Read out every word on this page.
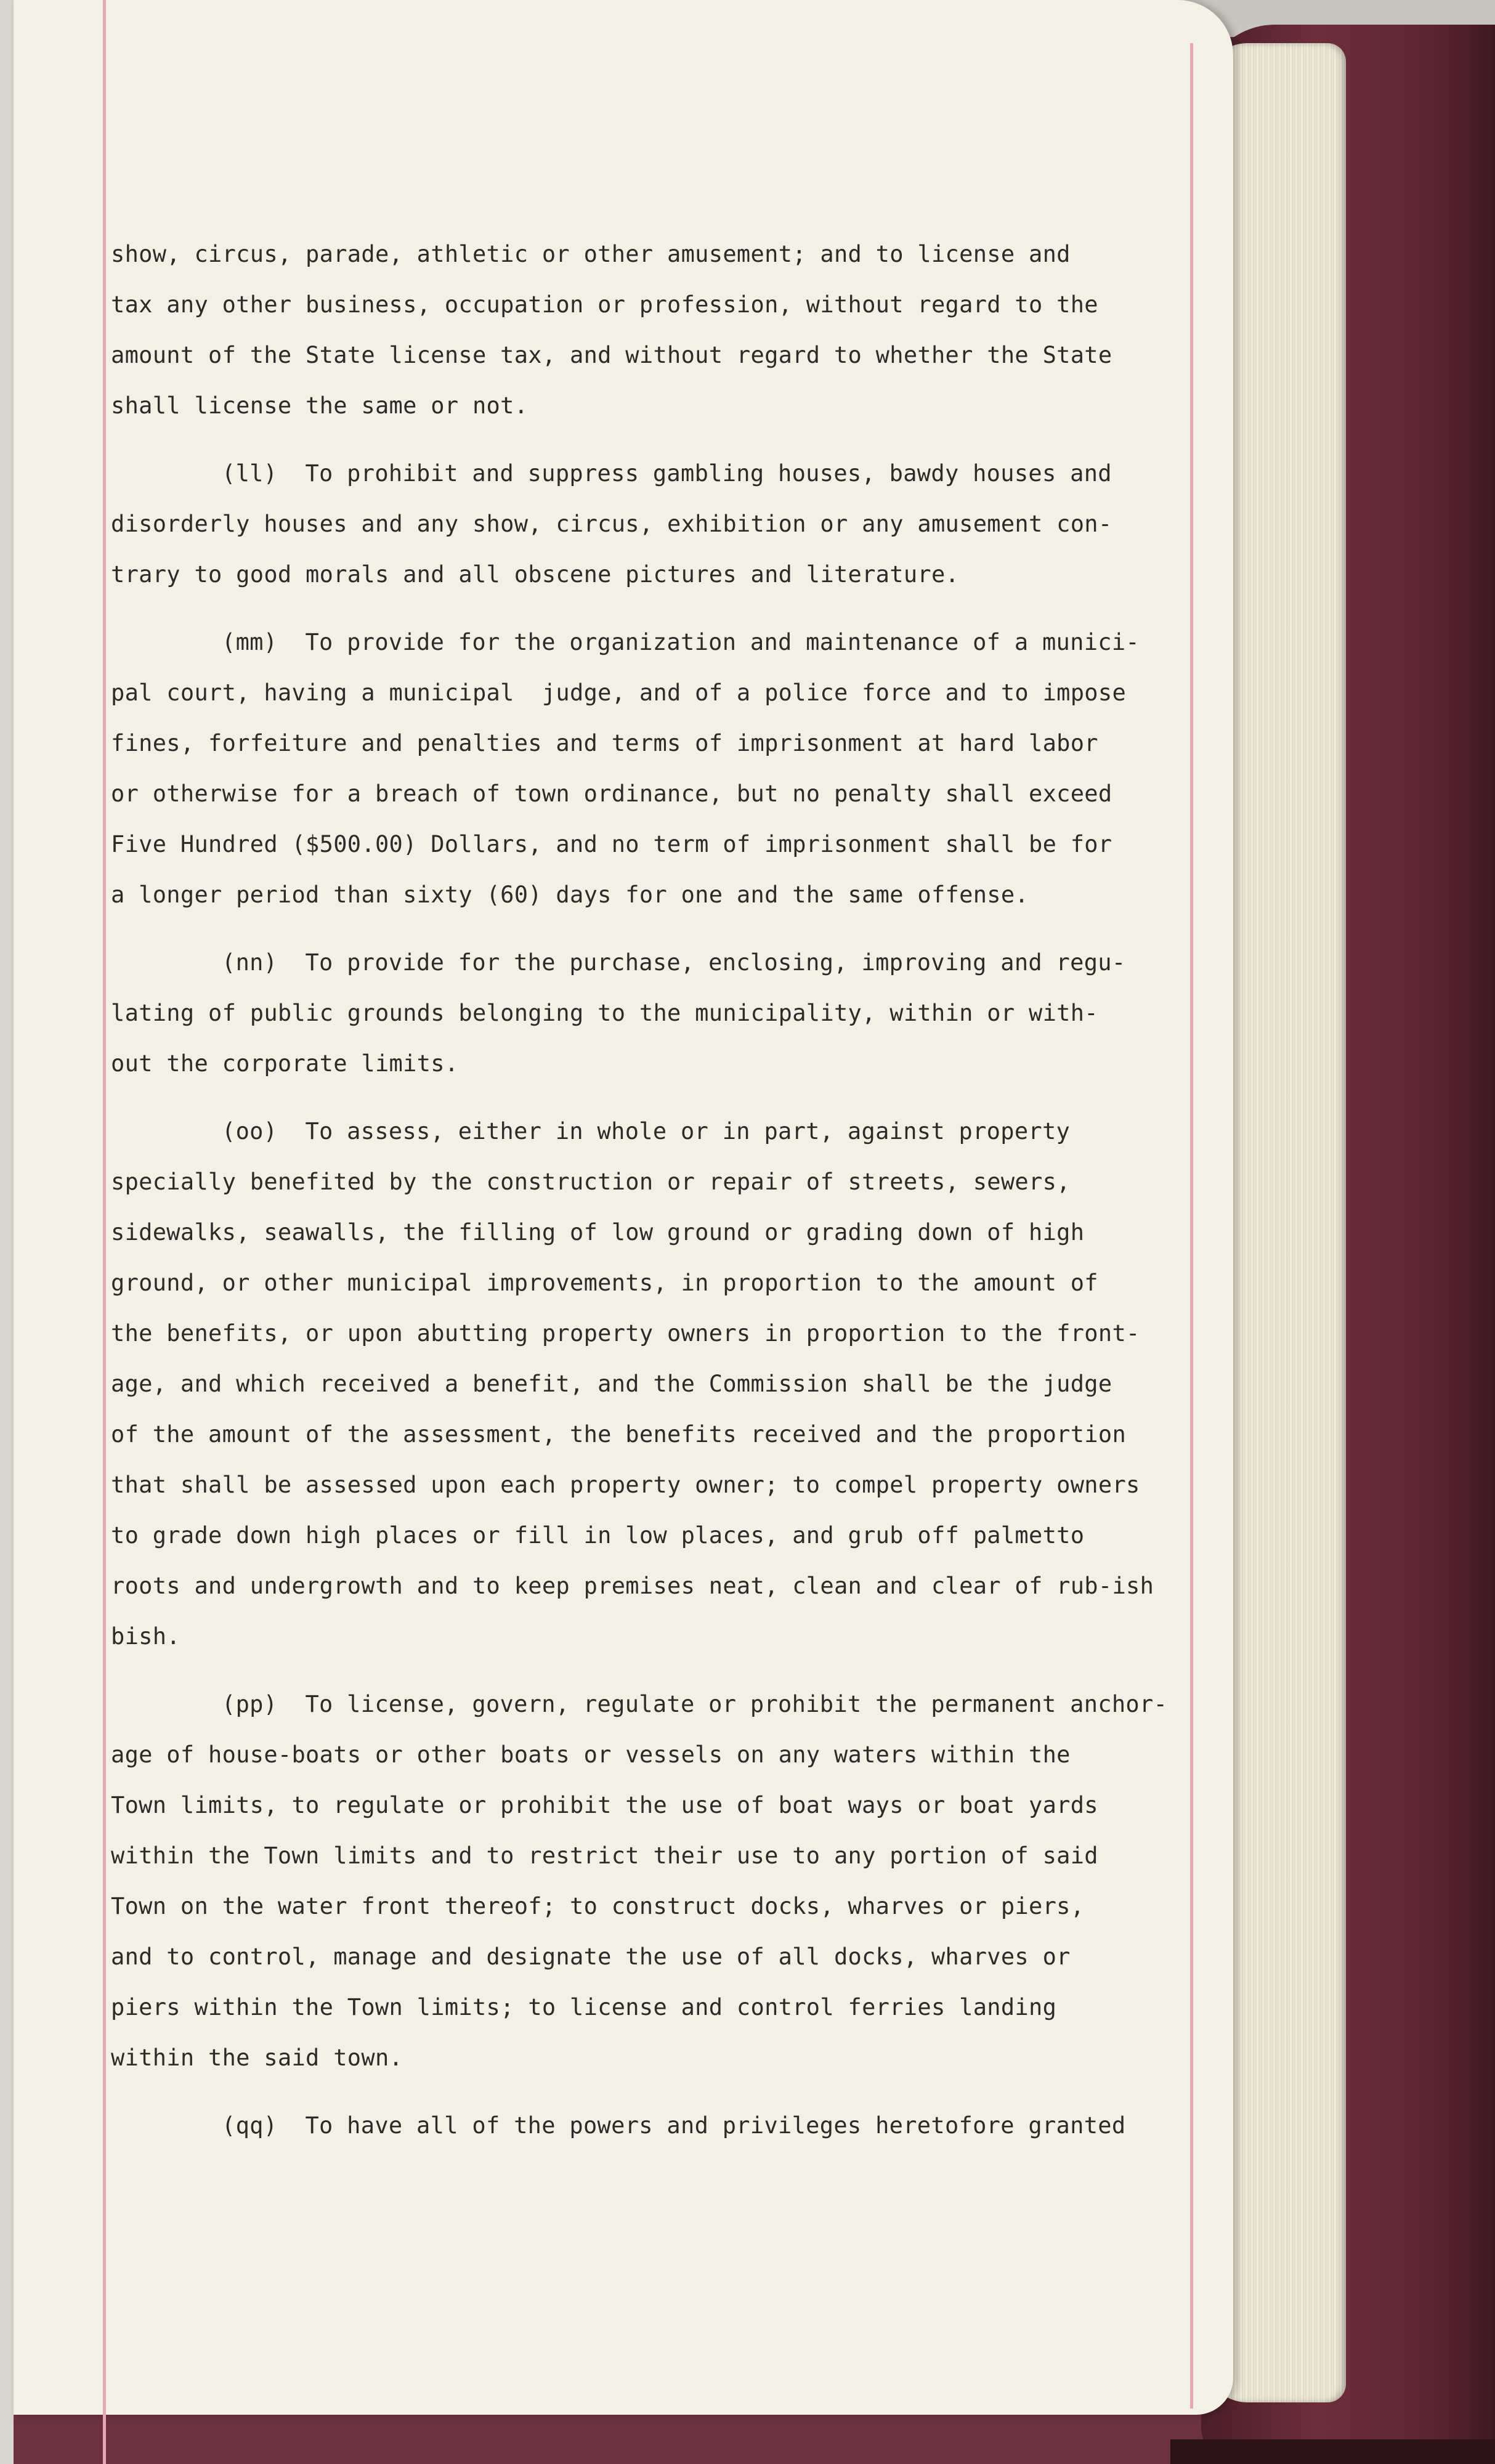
show, circus, parade, athletic or other amusement; and to license and
tax any other business, occupation or profession, without regard to the
amount of the State license tax, and without regard to whether the State
shall license the same or not.
(ll)  To prohibit and suppress gambling houses, bawdy houses and
disorderly houses and any show, circus, exhibition or any amusement con-
trary to good morals and all obscene pictures and literature.
(mm)  To provide for the organization and maintenance of a munici-
pal court, having a municipal  judge, and of a police force and to impose
fines, forfeiture and penalties and terms of imprisonment at hard labor
or otherwise for a breach of town ordinance, but no penalty shall exceed
Five Hundred ($500.00) Dollars, and no term of imprisonment shall be for
a longer period than sixty (60) days for one and the same offense.
(nn)  To provide for the purchase, enclosing, improving and regu-
lating of public grounds belonging to the municipality, within or with-
out the corporate limits.
(oo)  To assess, either in whole or in part, against property
specially benefited by the construction or repair of streets, sewers,
sidewalks, seawalls, the filling of low ground or grading down of high
ground, or other municipal improvements, in proportion to the amount of
the benefits, or upon abutting property owners in proportion to the front-
age, and which received a benefit, and the Commission shall be the judge
of the amount of the assessment, the benefits received and the proportion
that shall be assessed upon each property owner; to compel property owners
to grade down high places or fill in low places, and grub off palmetto
roots and undergrowth and to keep premises neat, clean and clear of rub-ish
bish.
(pp)  To license, govern, regulate or prohibit the permanent anchor-
age of house-boats or other boats or vessels on any waters within the
Town limits, to regulate or prohibit the use of boat ways or boat yards
within the Town limits and to restrict their use to any portion of said
Town on the water front thereof; to construct docks, wharves or piers,
and to control, manage and designate the use of all docks, wharves or
piers within the Town limits; to license and control ferries landing
within the said town.
(qq)  To have all of the powers and privileges heretofore granted
